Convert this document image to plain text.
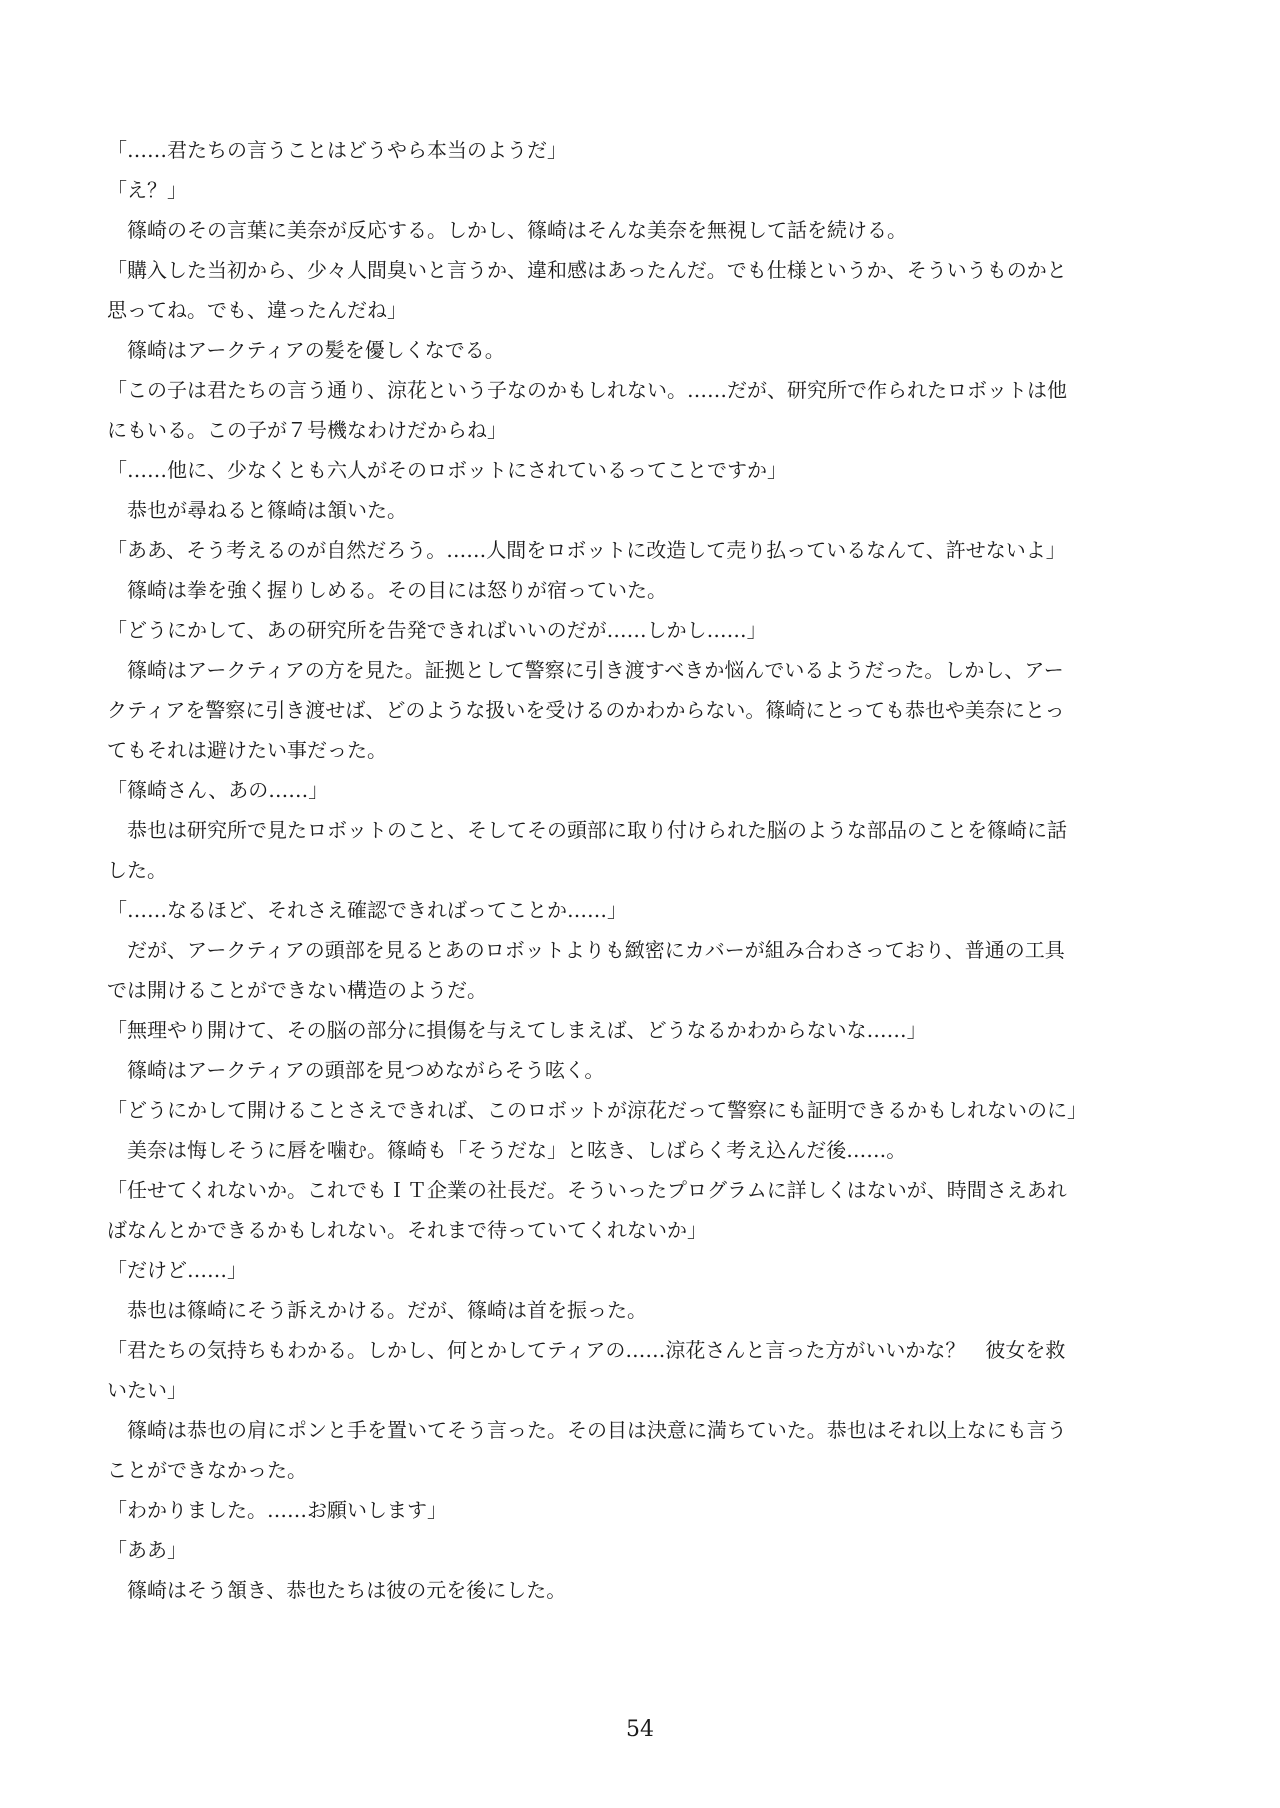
「……君たちの言うことはどうやら本当のようだ」
「え？」
　篠崎のその言葉に美奈が反応する。しかし、篠崎はそんな美奈を無視して話を続ける。
「購入した当初から、少々人間臭いと言うか、違和感はあったんだ。でも仕様というか、そういうものかと
思ってね。でも、違ったんだね」
　篠崎はアークティアの髪を優しくなでる。
「この子は君たちの言う通り、涼花という子なのかもしれない。……だが、研究所で作られたロボットは他
にもいる。この子が７号機なわけだからね」
「……他に、少なくとも六人がそのロボットにされているってことですか」
　恭也が尋ねると篠崎は頷いた。
「ああ、そう考えるのが自然だろう。……人間をロボットに改造して売り払っているなんて、許せないよ」
　篠崎は拳を強く握りしめる。その目には怒りが宿っていた。
「どうにかして、あの研究所を告発できればいいのだが……しかし……」
　篠崎はアークティアの方を見た。証拠として警察に引き渡すべきか悩んでいるようだった。しかし、アー
クティアを警察に引き渡せば、どのような扱いを受けるのかわからない。篠崎にとっても恭也や美奈にとっ
てもそれは避けたい事だった。
「篠崎さん、あの……」
　恭也は研究所で見たロボットのこと、そしてその頭部に取り付けられた脳のような部品のことを篠崎に話
した。
「……なるほど、それさえ確認できればってことか……」
　だが、アークティアの頭部を見るとあのロボットよりも緻密にカバーが組み合わさっており、普通の工具
では開けることができない構造のようだ。
「無理やり開けて、その脳の部分に損傷を与えてしまえば、どうなるかわからないな……」
　篠崎はアークティアの頭部を見つめながらそう呟く。
「どうにかして開けることさえできれば、このロボットが涼花だって警察にも証明できるかもしれないのに」
　美奈は悔しそうに唇を噛む。篠崎も「そうだな」と呟き、しばらく考え込んだ後……。
「任せてくれないか。これでもＩＴ企業の社長だ。そういったプログラムに詳しくはないが、時間さえあれ
ばなんとかできるかもしれない。それまで待っていてくれないか」
「だけど……」
　恭也は篠崎にそう訴えかける。だが、篠崎は首を振った。
「君たちの気持ちもわかる。しかし、何とかしてティアの……涼花さんと言った方がいいかな？　彼女を救
いたい」
　篠崎は恭也の肩にポンと手を置いてそう言った。その目は決意に満ちていた。恭也はそれ以上なにも言う
ことができなかった。
「わかりました。……お願いします」
「ああ」
　篠崎はそう頷き、恭也たちは彼の元を後にした。
54
